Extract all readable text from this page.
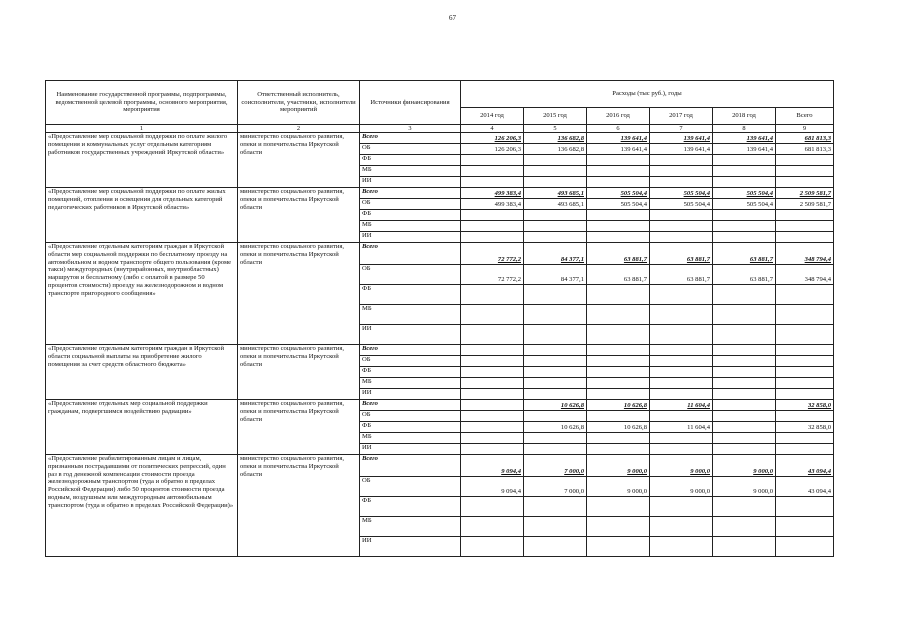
67
Наименование государственной программы, подпрограммы, ведомственной целевой программы, основного мероприятия, мероприятия	Ответственный исполнитель, соисполнители, участники, исполнители мероприятий	Источники финансирования	Расходы (тыс руб.), годы					
			2014 год	2015 год	2016 год	2017 год	2018 год	Всего
1	2	3	4	5	6	7	8	9
«Предоставление мер социальной поддержки по оплате жилого помещения и коммунальных услуг отдельным категориям работников государственных учреждений Иркутской области»	министерство социального развития, опеки и попечительства Иркутской области	Всего	126 206,3	136 682,8	139 641,4	139 641,4	139 641,4	681 813,3
		ОБ	126 206,3	136 682,8	139 641,4	139 641,4	139 641,4	681 813,3
		ФБ						
		МБ						
		ИИ						
«Предоставление мер социальной поддержки по оплате жилых помещений, отопления и освещения для отдельных категорий педагогических работников в Иркутской области»	министерство социального развития, опеки и попечительства Иркутской области	Всего	499 383,4	493 685,1	505 504,4	505 504,4	505 504,4	2 509 581,7
		ОБ	499 383,4	493 685,1	505 504,4	505 504,4	505 504,4	2 509 581,7
		ФБ						
		МБ						
		ИИ						
«Предоставление отдельным категориям граждан в Иркутской области мер социальной поддержки по бесплатному проезду на автомобильном и водном транспорте общего пользования (кроме такси) междугородных (внутрирайонных, внутриобластных) маршрутов и бесплатному (либо с оплатой в размере 50 процентов стоимости) проезду на железнодорожном и водном транспорте пригородного сообщения»	министерство социального развития, опеки и попечительства Иркутской области	Всего	72 772,2	84 377,1	63 881,7	63 881,7	63 881,7	348 794,4
		ОБ	72 772,2	84 377,1	63 881,7	63 881,7	63 881,7	348 794,4
		ФБ						
		МБ						
		ИИ						
«Предоставление отдельным категориям граждан в Иркутской области социальной выплаты на приобретение жилого помещения за счет средств областного бюджета»	министерство социального развития, опеки и попечительства Иркутской области	Всего						
		ОБ						
		ФБ						
		МБ						
		ИИ						
«Предоставление отдельных мер социальной поддержки гражданам, подвергшимся воздействию радиации»	министерство социального развития, опеки и попечительства Иркутской области	Всего		10 626,8	10 626,8	11 604,4		32 858,0
		ОБ						
		ФБ		10 626,8	10 626,8	11 604,4		32 858,0
		МБ						
		ИИ						
«Предоставление реабилитированным лицам и лицам, признанным пострадавшими от политических репрессий, один раз в год денежной компенсации стоимости проезда железнодорожным транспортом (туда и обратно в пределах Российской Федерации) либо 50 процентов стоимости проезда водным, воздушным или междугородным автомобильным транспортом (туда и обратно в пределах Российской Федерации)»	министерство социального развития, опеки и попечительства Иркутской области	Всего	9 094,4	7 000,0	9 000,0	9 000,0	9 000,0	43 094,4
		ОБ	9 094,4	7 000,0	9 000,0	9 000,0	9 000,0	43 094,4
		ФБ						
		МБ						
		ИИ						
